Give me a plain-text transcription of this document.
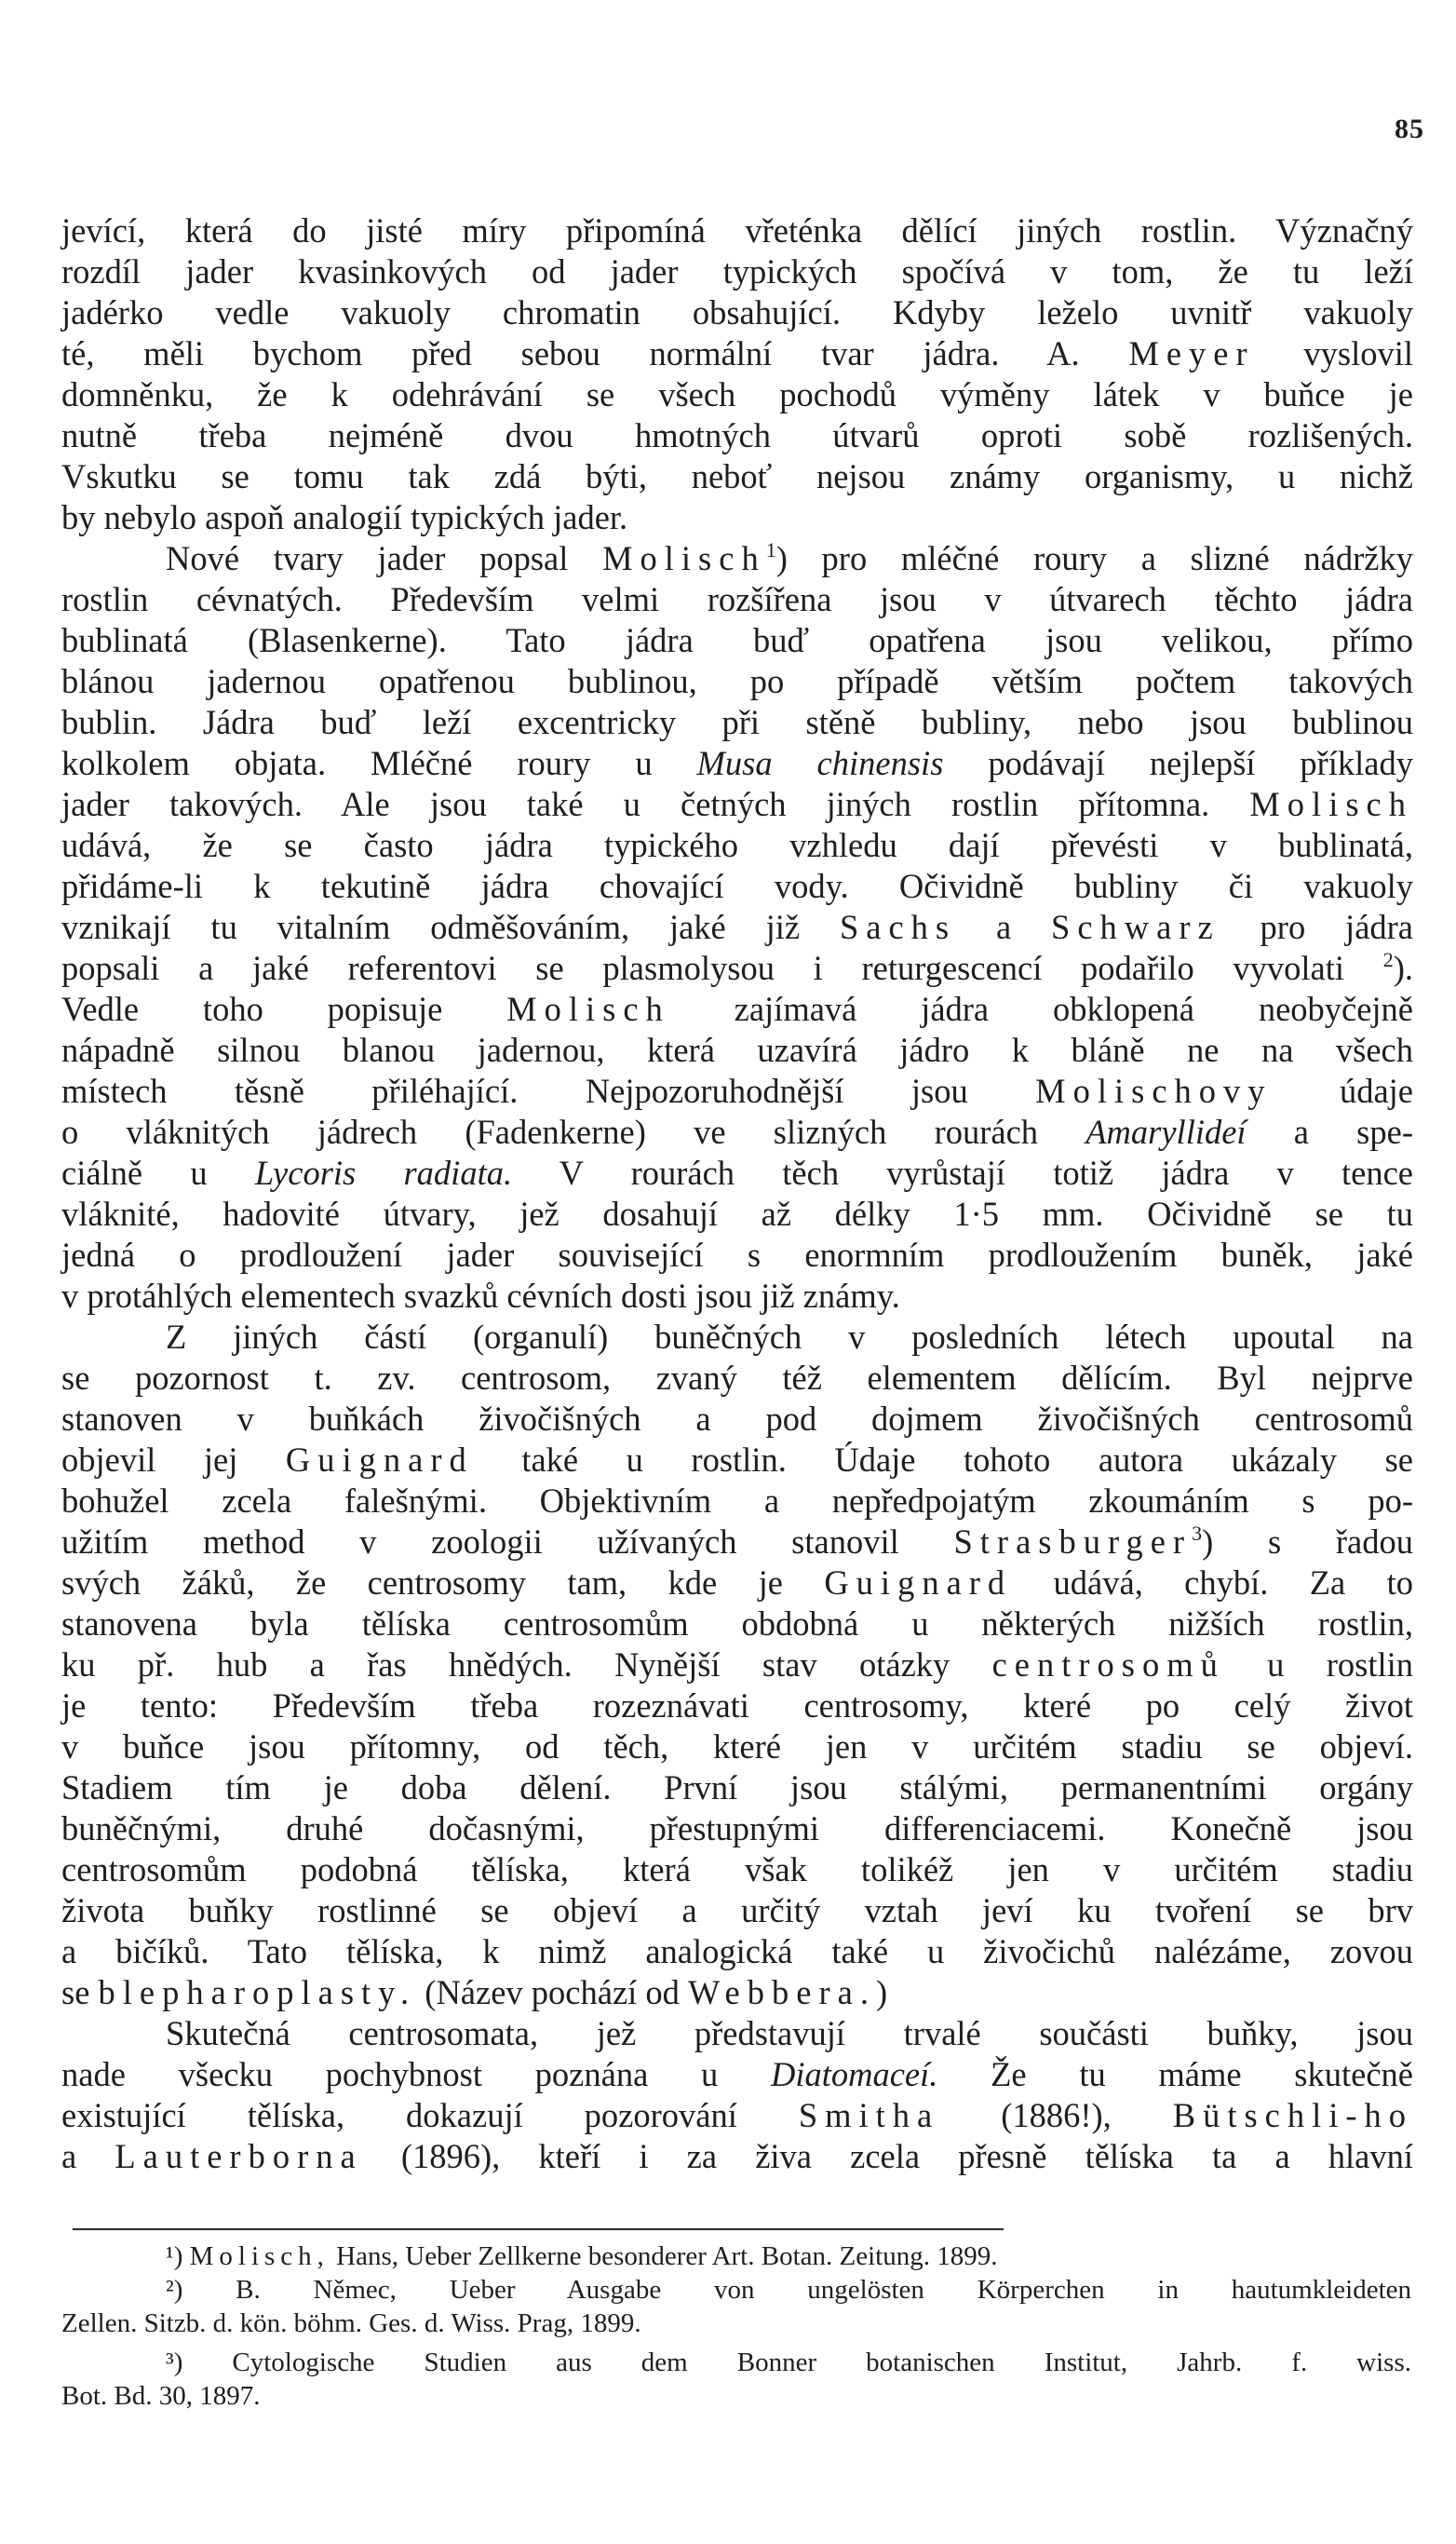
85
jevící, která do jisté míry připomíná vřeténka dělící jiných rostlin. Význačný
rozdíl jader kvasinkových od jader typických spočívá v tom, že tu leží
jadérko vedle vakuoly chromatin obsahující. Kdyby leželo uvnitř vakuoly
té, měli bychom před sebou normální tvar jádra. A. Meyer vyslovil
domněnku, že k odehrávání se všech pochodů výměny látek v buňce je
nutně třeba nejméně dvou hmotných útvarů oproti sobě rozlišených.
Vskutku se tomu tak zdá býti, neboť nejsou známy organismy, u nichž
by nebylo aspoň analogií typických jader.
Nové tvary jader popsal Molisch$^1$) pro mléčné roury a slizné nádržky
rostlin cévnatých. Především velmi rozšířena jsou v útvarech těchto jádra
bublinatá (Blasenkerne). Tato jádra buď opatřena jsou velikou, přímo
blánou jadernou opatřenou bublinou, po případě větším počtem takových
bublin. Jádra buď leží excentricky při stěně bubliny, nebo jsou bublinou
kolkolem objata. Mléčné roury u Musa chinensis podávají nejlepší příklady
jader takových. Ale jsou také u četných jiných rostlin přítomna. Molisch
udává, že se často jádra typického vzhledu dají převésti v bublinatá,
přidáme-li k tekutině jádra chovající vody. Očividně bubliny či vakuoly
vznikají tu vitalním odměšováním, jaké již Sachs a Schwarz pro jádra
popsali a jaké referentovi se plasmolysou i returgescencí podařilo vyvolati $^2$).
Vedle toho popisuje Molisch zajímavá jádra obklopená neobyčejně
nápadně silnou blanou jadernou, která uzavírá jádro k bláně ne na všech
místech těsně přiléhající. Nejpozoruhodnější jsou Molischovy údaje
o vláknitých jádrech (Fadenkerne) ve slizných rourách Amaryllideí a spe-
ciálně u Lycoris radiata. V rourách těch vyrůstají totiž jádra v tence
vláknité, hadovité útvary, jež dosahují až délky 1·5 mm. Očividně se tu
jedná o prodloužení jader související s enormním prodloužením buněk, jaké
v protáhlých elementech svazků cévních dosti jsou již známy.
Z jiných částí (organulí) buněčných v posledních létech upoutal na
se pozornost t. zv. centrosom, zvaný též elementem dělícím. Byl nejprve
stanoven v buňkách živočišných a pod dojmem živočišných centrosomů
objevil jej Guignard také u rostlin. Údaje tohoto autora ukázaly se
bohužel zcela falešnými. Objektivním a nepředpojatým zkoumáním s po-
užitím method v zoologii užívaných stanovil Strasburger$^3$) s řadou
svých žáků, že centrosomy tam, kde je Guignard udává, chybí. Za to
stanovena byla tělíska centrosomům obdobná u některých nižších rostlin,
ku př. hub a řas hnědých. Nynější stav otázky centrosomů u rostlin
je tento: Především třeba rozeznávati centrosomy, které po celý život
v buňce jsou přítomny, od těch, které jen v určitém stadiu se objeví.
Stadiem tím je doba dělení. První jsou stálými, permanentními orgány
buněčnými, druhé dočasnými, přestupnými differenciacemi. Konečně jsou
centrosomům podobná tělíska, která však tolikéž jen v určitém stadiu
života buňky rostlinné se objeví a určitý vztah jeví ku tvoření se brv
a bičíků. Tato tělíska, k nimž analogická také u živočichů nalézáme, zovou
se blepharoplasty. (Název pochází od Webbera.)
Skutečná centrosomata, jež představují trvalé součásti buňky, jsou
nade všecku pochybnost poznána u Diatomaceí. Že tu máme skutečně
existující tělíska, dokazují pozorování Smitha (1886!), Bütschli-ho
a Lauterborna (1896), kteří i za živa zcela přesně tělíska ta a hlavní
¹) Molisch, Hans, Ueber Zellkerne besonderer Art. Botan. Zeitung. 1899.
²) B. Němec, Ueber Ausgabe von ungelösten Körperchen in hautumkleideten
Zellen. Sitzb. d. kön. böhm. Ges. d. Wiss. Prag, 1899.
³) Cytologische Studien aus dem Bonner botanischen Institut, Jahrb. f. wiss.
Bot. Bd. 30, 1897.
